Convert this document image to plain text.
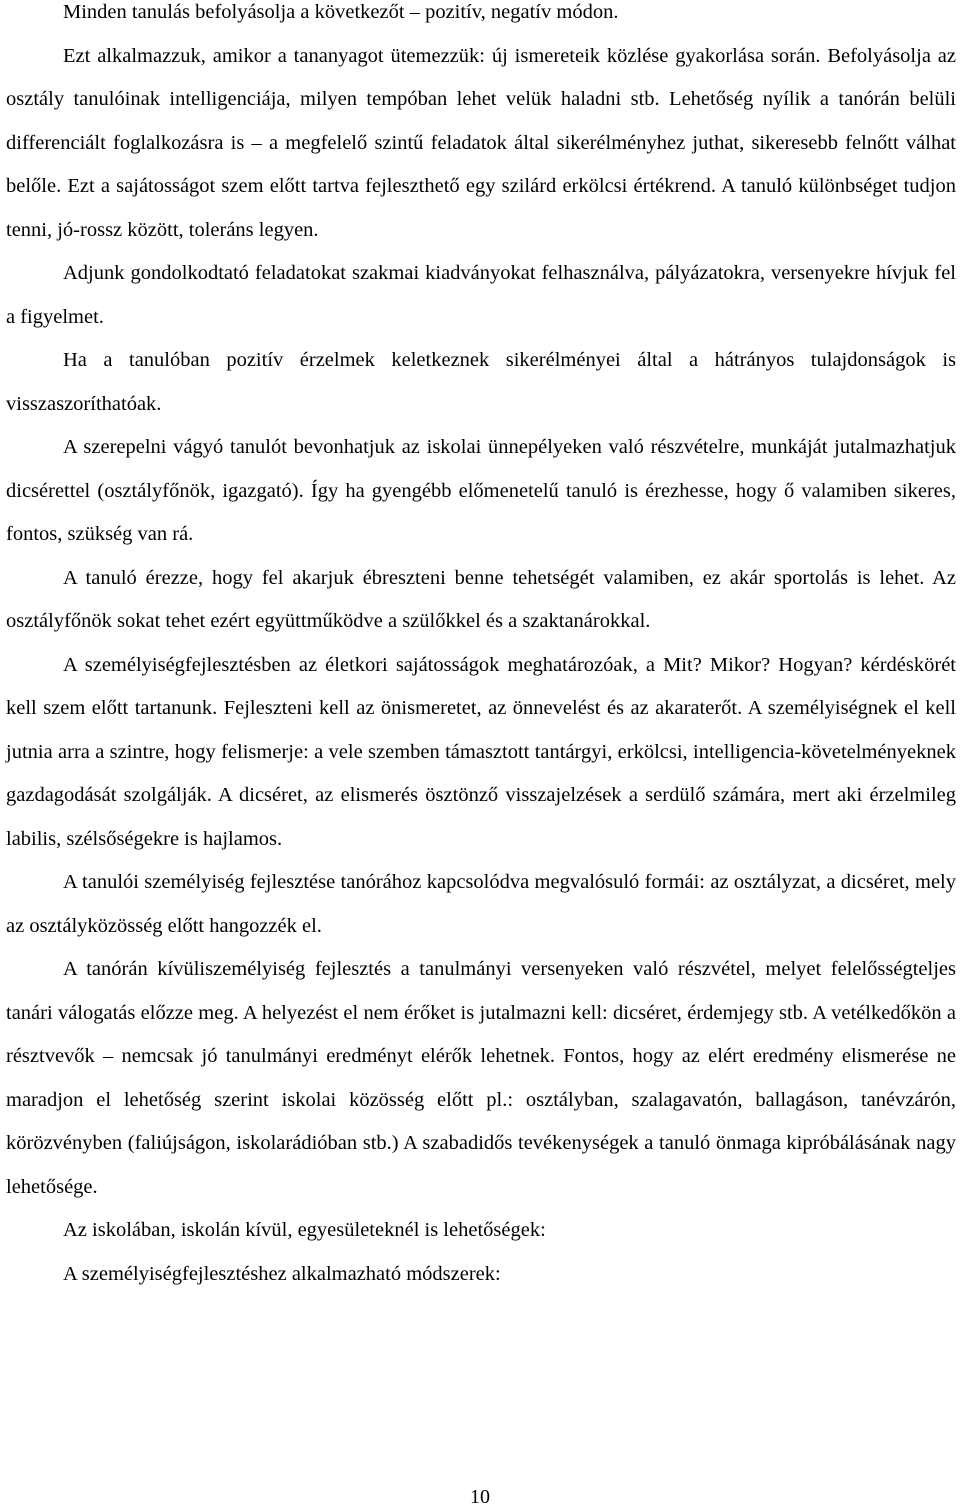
Minden tanulás befolyásolja a következőt – pozitív, negatív módon.

Ezt alkalmazzuk, amikor a tananyagot ütemezzük: új ismereteik közlése gyakorlása során. Befolyásolja az osztály tanulóinak intelligenciája, milyen tempóban lehet velük haladni stb. Lehetőség nyílik a tanórán belüli differenciált foglalkozásra is – a megfelelő szintű feladatok által sikerélményhez juthat, sikeresebb felnőtt válhat belőle. Ezt a sajátosságot szem előtt tartva fejleszthető egy szilárd erkölcsi értékrend. A tanuló különbséget tudjon tenni, jó-rossz között, toleráns legyen.

Adjunk gondolkodtató feladatokat szakmai kiadványokat felhasználva, pályázatokra, versenyekre hívjuk fel a figyelmet.

Ha a tanulóban pozitív érzelmek keletkeznek sikerélményei által a hátrányos tulajdonságok is visszaszoríthatóak.

A szerepelni vágyó tanulót bevonhatjuk az iskolai ünnepélyeken való részvételre, munkáját jutalmazhatjuk dicsérettel (osztályfőnök, igazgató). Így ha gyengébb előmenetelű tanuló is érezhesse, hogy ő valamiben sikeres, fontos, szükség van rá.

A tanuló érezze, hogy fel akarjuk ébreszteni benne tehetségét valamiben, ez akár sportolás is lehet. Az osztályfőnök sokat tehet ezért együttműködve a szülőkkel és a szaktanárokkal.

A személyiségfejlesztésben az életkori sajátosságok meghatározóak, a Mit? Mikor? Hogyan? kérdéskörét kell szem előtt tartanunk. Fejleszteni kell az önismeretet, az önnevelést és az akaraterőt. A személyiségnek el kell jutnia arra a szintre, hogy felismerje: a vele szemben támasztott tantárgyi, erkölcsi, intelligencia-követelményeknek gazdagodását szolgálják. A dicséret, az elismerés ösztönző visszajelzések a serdülő számára, mert aki érzelmileg labilis, szélsőségekre is hajlamos.

A tanulói személyiség fejlesztése tanórához kapcsolódva megvalósuló formái: az osztályzat, a dicséret, mely az osztályközösség előtt hangozzék el.

A tanórán kívüliszemélyiség fejlesztés a tanulmányi versenyeken való részvétel, melyet felelősségteljes tanári válogatás előzze meg. A helyezést el nem érőket is jutalmazni kell: dicséret, érdemjegy stb. A vetélkedőkön a résztvevők – nemcsak jó tanulmányi eredményt elérők lehetnek. Fontos, hogy az elért eredmény elismerése ne maradjon el lehetőség szerint iskolai közösség előtt pl.: osztályban, szalagavatón, ballagáson, tanévzárón, körözvényben (faliújságon, iskolarádióban stb.) A szabadidős tevékenységek a tanuló önmaga kipróbálásának nagy lehetősége.

Az iskolában, iskolán kívül, egyesületeknél is lehetőségek:

A személyiségfejlesztéshez alkalmazható módszerek:

10
